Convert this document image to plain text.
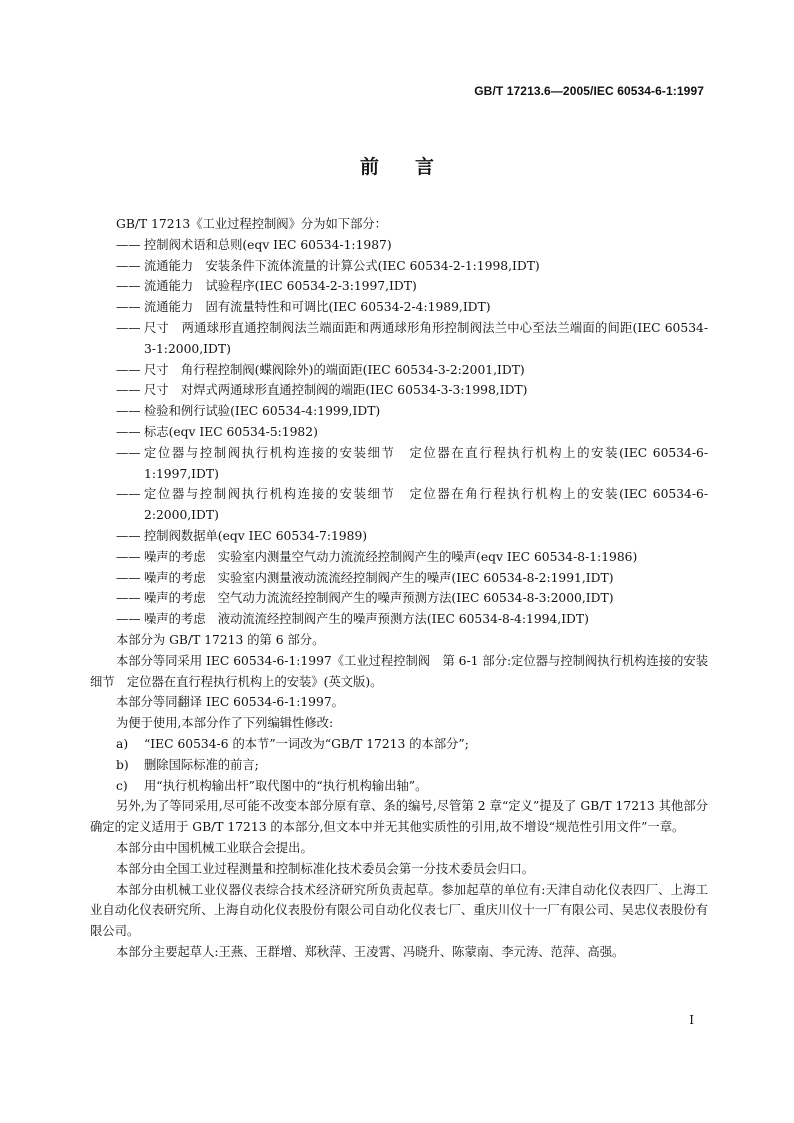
GB/T 17213.6—2005/IEC 60534-6-1:1997
前言

GB/T 17213《工业过程控制阀》分为如下部分：

—— 控制阀术语和总则(eqv IEC 60534-1:1987)
—— 流通能力　安装条件下流体流量的计算公式(IEC 60534-2-1:1998,IDT)
—— 流通能力　试验程序(IEC 60534-2-3:1997,IDT)
—— 流通能力　固有流量特性和可调比(IEC 60534-2-4:1989,IDT)
—— 尺寸　两通球形直通控制阀法兰端面距和两通球形角形控制阀法兰中心至法兰端面的间距(IEC 60534-3-1:2000,IDT)
—— 尺寸　角行程控制阀(蝶阀除外)的端面距(IEC 60534-3-2:2001,IDT)
—— 尺寸　对焊式两通球形直通控制阀的端距(IEC 60534-3-3:1998,IDT)
—— 检验和例行试验(IEC 60534-4:1999,IDT)
—— 标志(eqv IEC 60534-5:1982)
—— 定位器与控制阀执行机构连接的安装细节　定位器在直行程执行机构上的安装(IEC 60534-6-1:1997,IDT)
—— 定位器与控制阀执行机构连接的安装细节　定位器在角行程执行机构上的安装(IEC 60534-6-2:2000,IDT)
—— 控制阀数据单(eqv IEC 60534-7:1989)
—— 噪声的考虑　实验室内测量空气动力流流经控制阀产生的噪声(eqv IEC 60534-8-1:1986)
—— 噪声的考虑　实验室内测量液动流流经控制阀产生的噪声(IEC 60534-8-2:1991,IDT)
—— 噪声的考虑　空气动力流流经控制阀产生的噪声预测方法(IEC 60534-8-3:2000,IDT)
—— 噪声的考虑　液动流流经控制阀产生的噪声预测方法(IEC 60534-8-4:1994,IDT)

本部分为 GB/T 17213 的第 6 部分。

本部分等同采用 IEC 60534-6-1:1997《工业过程控制阀　第 6-1 部分:定位器与控制阀执行机构连接的安装细节　定位器在直行程执行机构上的安装》(英文版)。

本部分等同翻译 IEC 60534-6-1:1997。

为便于使用,本部分作了下列编辑性修改:

a)	“IEC 60534-6 的本节”一词改为“GB/T 17213 的本部分”;
b)	删除国际标准的前言;
c)	用“执行机构输出杆”取代图中的“执行机构输出轴”。

另外,为了等同采用,尽可能不改变本部分原有章、条的编号,尽管第 2 章“定义”提及了 GB/T 17213 其他部分确定的定义适用于 GB/T 17213 的本部分,但文本中并无其他实质性的引用,故不增设“规范性引用文件”一章。

本部分由中国机械工业联合会提出。

本部分由全国工业过程测量和控制标准化技术委员会第一分技术委员会归口。

本部分由机械工业仪器仪表综合技术经济研究所负责起草。参加起草的单位有:天津自动化仪表四厂、上海工业自动化仪表研究所、上海自动化仪表股份有限公司自动化仪表七厂、重庆川仪十一厂有限公司、吴忠仪表股份有限公司。

本部分主要起草人:王燕、王群增、郑秋萍、王凌霄、冯晓升、陈蒙南、李元涛、范萍、高强。

I
